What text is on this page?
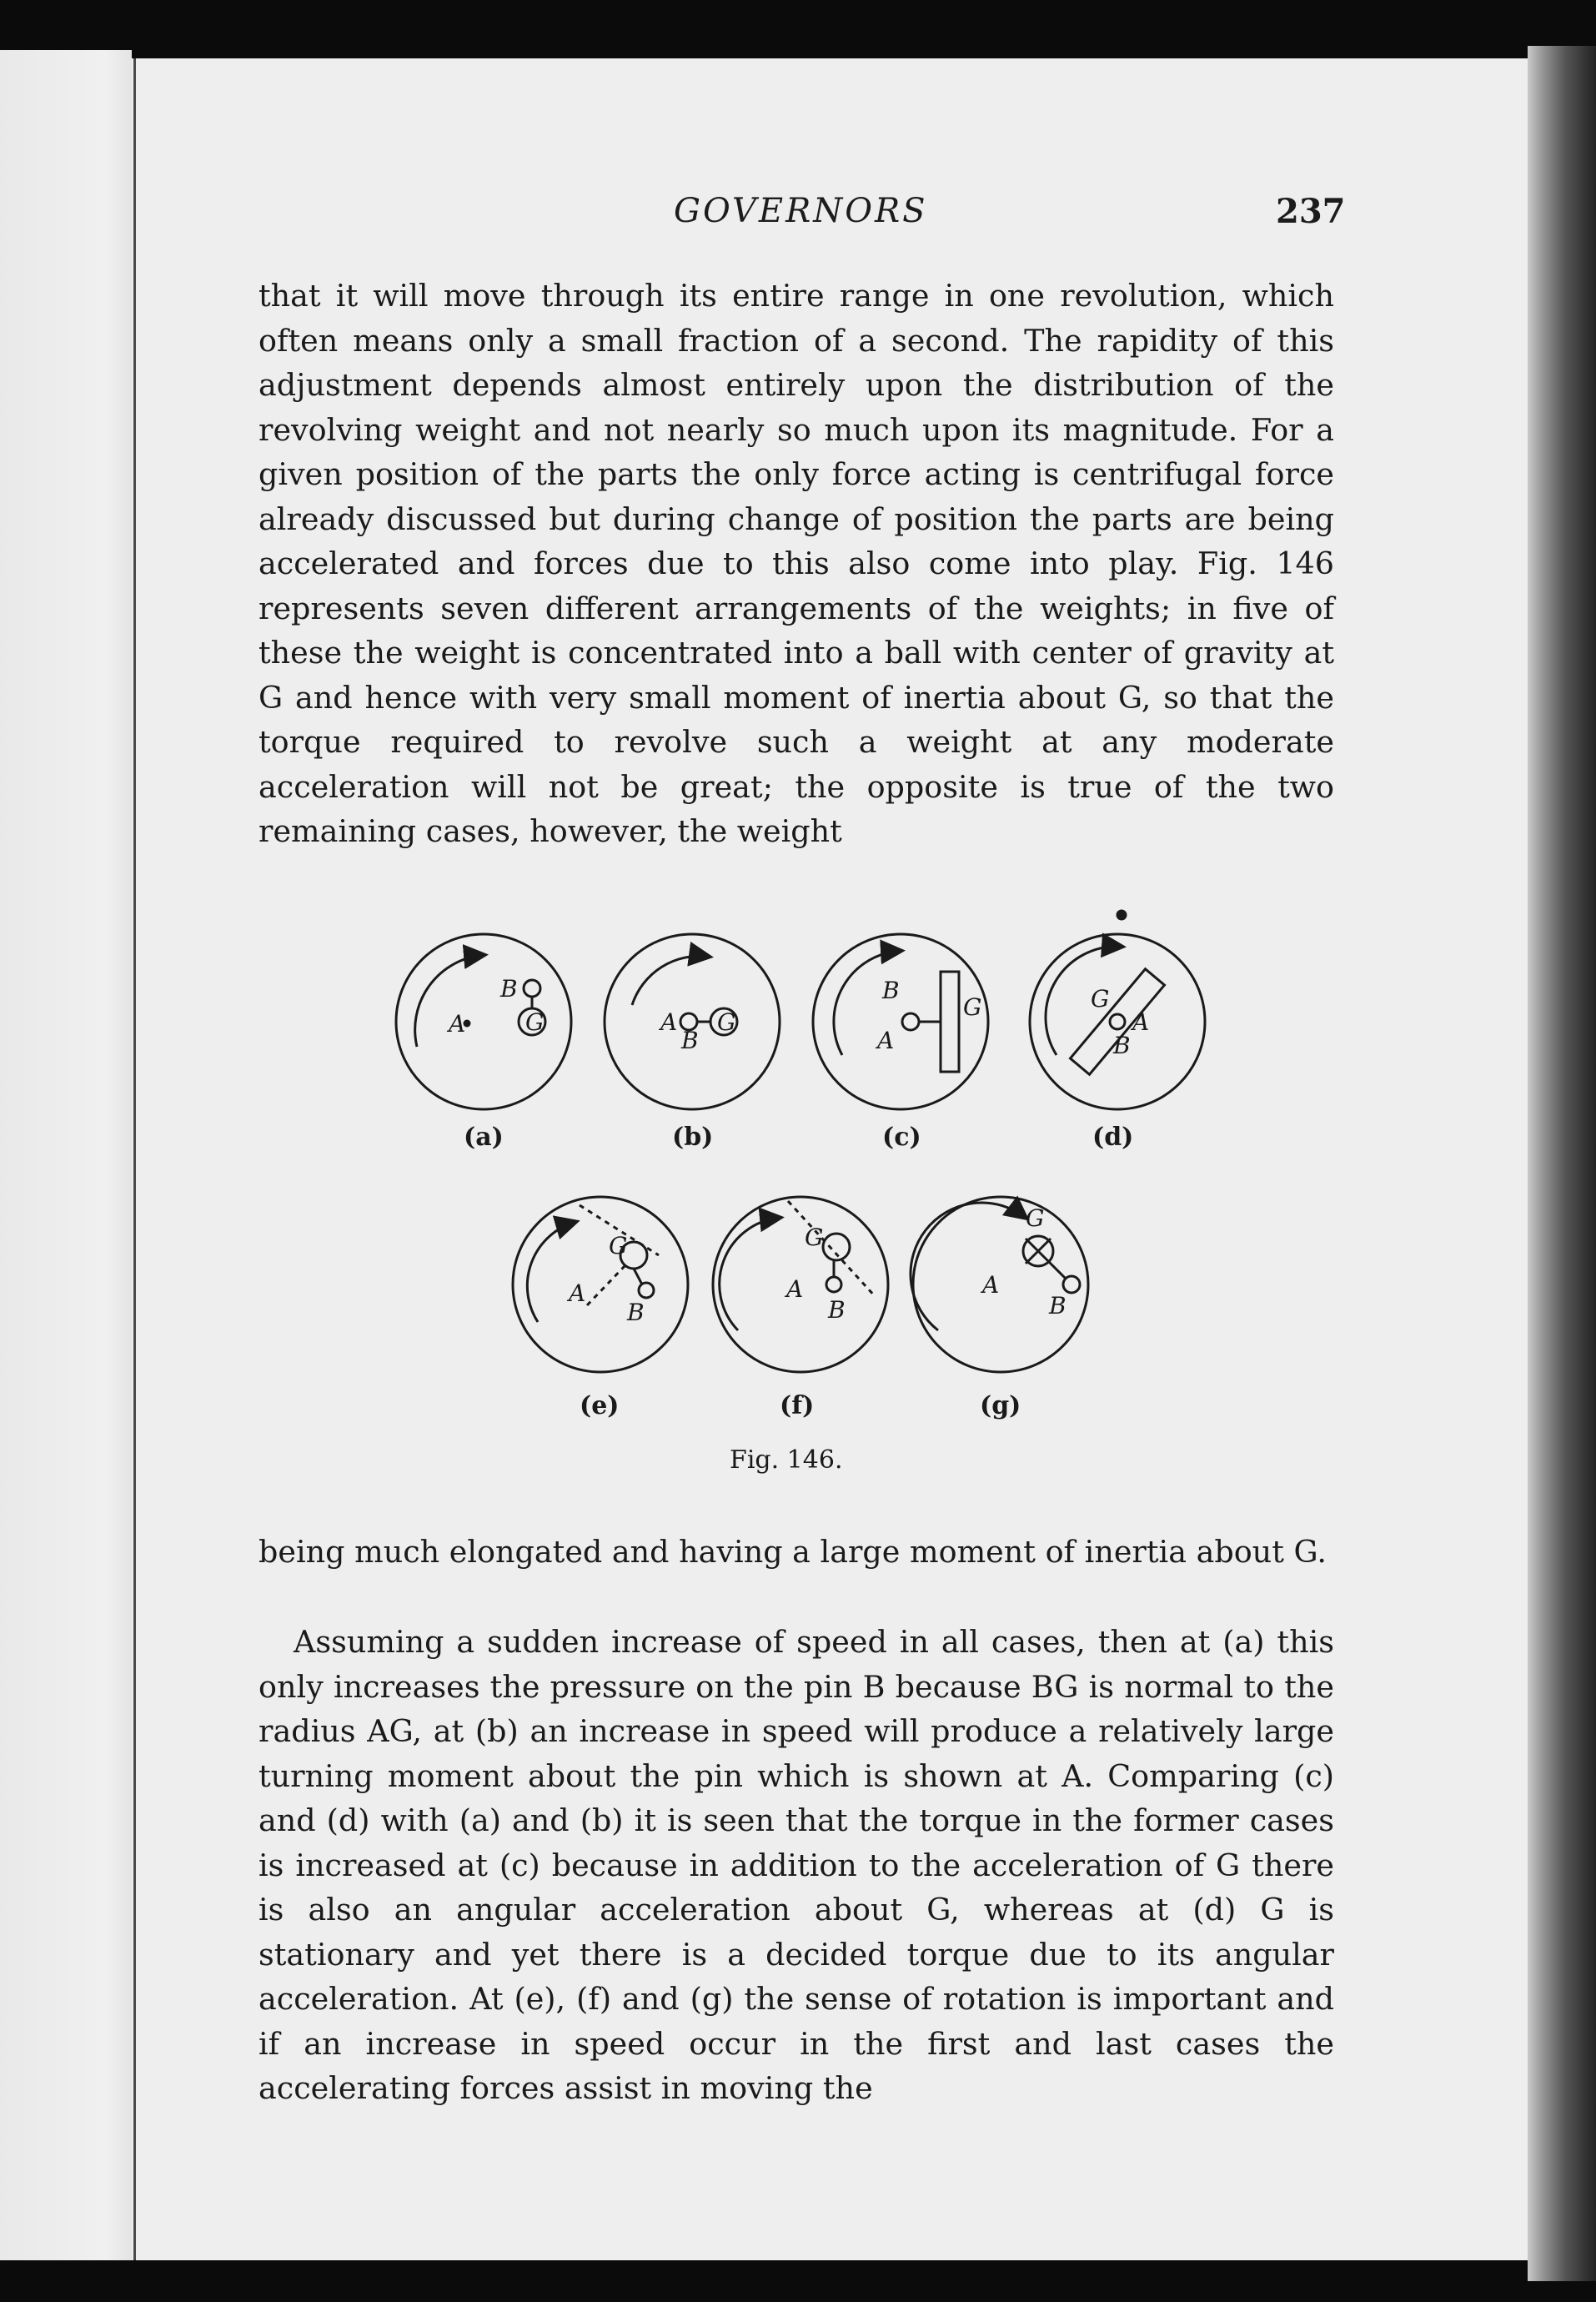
GOVERNORS	237

that it will move through its entire range in one revolution, which often means only a small fraction of a second. The rapidity of this adjustment depends almost entirely upon the distribution of the revolving weight and not nearly so much upon its magnitude. For a given position of the parts the only force acting is centrifugal force already discussed but during change of position the parts are being accelerated and forces due to this also come into play. Fig. 146 represents seven different arrangements of the weights; in five of these the weight is concentrated into a ball with center of gravity at G and hence with very small moment of inertia about G, so that the torque required to revolve such a weight at any moderate acceleration will not be great; the opposite is true of the two remaining cases, however, the weight

B
G
A	A
B
G
B
A
G	G
A
B
G
A
B
G
A
B
G
A
B
(a)	(b)	(c)	(d)
(e)	(f)	(g)
Fig. 146.

being much elongated and having a large moment of inertia about G.

Assuming a sudden increase of speed in all cases, then at (a) this only increases the pressure on the pin B because BG is normal to the radius AG, at (b) an increase in speed will produce a relatively large turning moment about the pin which is shown at A. Comparing (c) and (d) with (a) and (b) it is seen that the torque in the former cases is increased at (c) because in addition to the acceleration of G there is also an angular acceleration about G, whereas at (d) G is stationary and yet there is a decided torque due to its angular acceleration. At (e), (f) and (g) the sense of rotation is important and if an increase in speed occur in the first and last cases the accelerating forces assist in moving the
